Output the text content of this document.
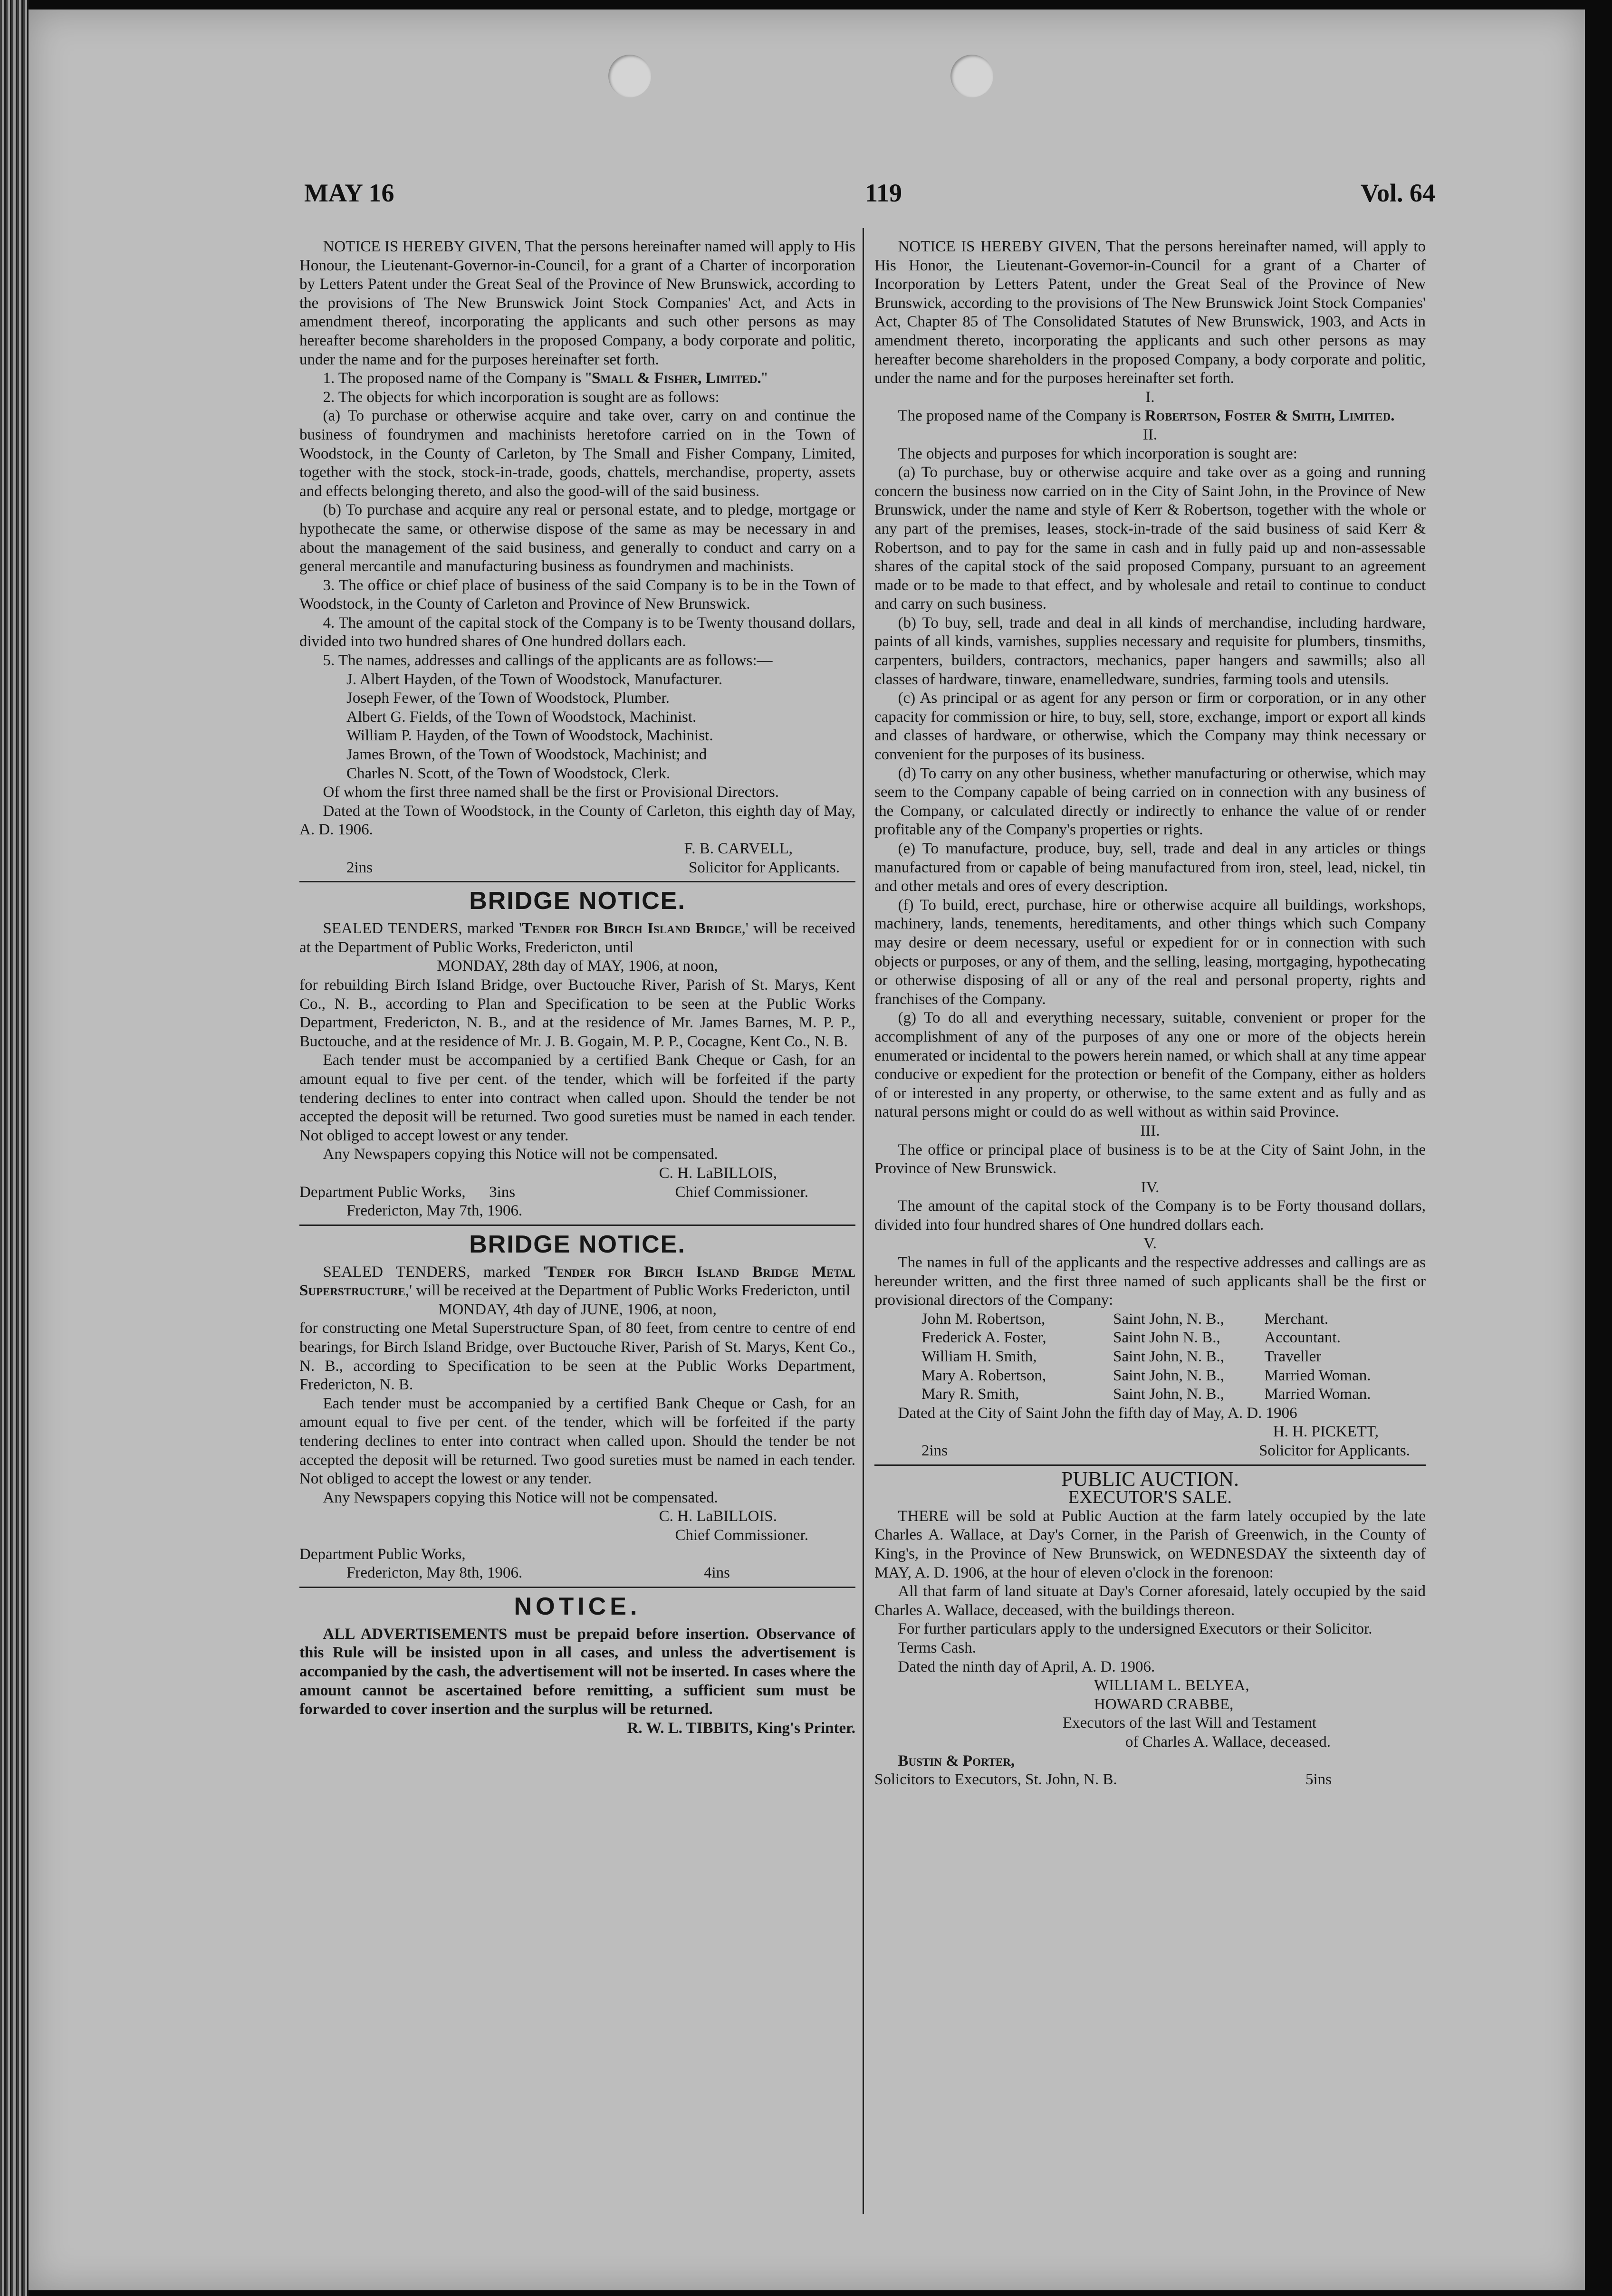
MAY 16	119	Vol. 64

NOTICE IS HEREBY GIVEN, That the persons hereinafter named will apply to His Honour, the Lieutenant-Governor-in-Council, for a grant of a Charter of incorporation by Letters Patent under the Great Seal of the Province of New Brunswick, according to the provisions of The New Brunswick Joint Stock Companies' Act, and Acts in amendment thereof, incorporating the applicants and such other persons as may hereafter become shareholders in the proposed Company, a body corporate and politic, under the name and for the purposes hereinafter set forth.

1. The proposed name of the Company is "Small & Fisher, Limited."

2. The objects for which incorporation is sought are as follows:

(a) To purchase or otherwise acquire and take over, carry on and continue the business of foundrymen and machinists heretofore carried on in the Town of Woodstock, in the County of Carleton, by The Small and Fisher Company, Limited, together with the stock, stock-in-trade, goods, chattels, merchandise, property, assets and effects belonging thereto, and also the good-will of the said business.

(b) To purchase and acquire any real or personal estate, and to pledge, mortgage or hypothecate the same, or otherwise dispose of the same as may be necessary in and about the management of the said business, and generally to conduct and carry on a general mercantile and manufacturing business as foundrymen and machinists.

3. The office or chief place of business of the said Company is to be in the Town of Woodstock, in the County of Carleton and Province of New Brunswick.

4. The amount of the capital stock of the Company is to be Twenty thousand dollars, divided into two hundred shares of One hundred dollars each.

5. The names, addresses and callings of the applicants are as follows:—

J. Albert Hayden, of the Town of Woodstock, Manufacturer.

Joseph Fewer, of the Town of Woodstock, Plumber.

Albert G. Fields, of the Town of Woodstock, Machinist.

William P. Hayden, of the Town of Woodstock, Machinist.

James Brown, of the Town of Woodstock, Machinist; and

Charles N. Scott, of the Town of Woodstock, Clerk.

Of whom the first three named shall be the first or Provisional Directors.

Dated at the Town of Woodstock, in the County of Carleton, this eighth day of May, A. D. 1906.

F. B. CARVELL,

2ins	Solicitor for Applicants.
BRIDGE NOTICE.

SEALED TENDERS, marked 'Tender for Birch Island Bridge,' will be received at the Department of Public Works, Fredericton, until

MONDAY, 28th day of MAY, 1906, at noon,

for rebuilding Birch Island Bridge, over Buctouche River, Parish of St. Marys, Kent Co., N. B., according to Plan and Specification to be seen at the Public Works Department, Fredericton, N. B., and at the residence of Mr. James Barnes, M. P. P., Buctouche, and at the residence of Mr. J. B. Gogain, M. P. P., Cocagne, Kent Co., N. B.

Each tender must be accompanied by a certified Bank Cheque or Cash, for an amount equal to five per cent. of the tender, which will be forfeited if the party tendering declines to enter into contract when called upon. Should the tender be not accepted the deposit will be returned. Two good sureties must be named in each tender. Not obliged to accept lowest or any tender.

Any Newspapers copying this Notice will not be compensated.

C. H. LaBILLOIS,

Department Public Works, 3ins	Chief Commissioner.

Fredericton, May 7th, 1906.

BRIDGE NOTICE.

SEALED TENDERS, marked 'Tender for Birch Island Bridge Metal Superstructure,' will be received at the Department of Public Works Fredericton, until

MONDAY, 4th day of JUNE, 1906, at noon,

for constructing one Metal Superstructure Span, of 80 feet, from centre to centre of end bearings, for Birch Island Bridge, over Buctouche River, Parish of St. Marys, Kent Co., N. B., according to Specification to be seen at the Public Works Department, Fredericton, N. B.

Each tender must be accompanied by a certified Bank Cheque or Cash, for an amount equal to five per cent. of the tender, which will be forfeited if the party tendering declines to enter into contract when called upon. Should the tender be not accepted the deposit will be returned. Two good sureties must be named in each tender. Not obliged to accept the lowest or any tender.

Any Newspapers copying this Notice will not be compensated.

C. H. LaBILLOIS.

Chief Commissioner.

Department Public Works,

Fredericton, May 8th, 1906.	4ins
NOTICE.

ALL ADVERTISEMENTS must be prepaid before insertion. Observance of this Rule will be insisted upon in all cases, and unless the advertisement is accompanied by the cash, the advertisement will not be inserted. In cases where the amount cannot be ascertained before remitting, a sufficient sum must be forwarded to cover insertion and the surplus will be returned.

R. W. L. TIBBITS, King's Printer.

NOTICE IS HEREBY GIVEN, That the persons hereinafter named, will apply to His Honor, the Lieutenant-Governor-in-Council for a grant of a Charter of Incorporation by Letters Patent, under the Great Seal of the Province of New Brunswick, according to the provisions of The New Brunswick Joint Stock Companies' Act, Chapter 85 of The Consolidated Statutes of New Brunswick, 1903, and Acts in amendment thereto, incorporating the applicants and such other persons as may hereafter become shareholders in the proposed Company, a body corporate and politic, under the name and for the purposes hereinafter set forth.

I.

The proposed name of the Company is Robertson, Foster & Smith, Limited.

II.

The objects and purposes for which incorporation is sought are:

(a) To purchase, buy or otherwise acquire and take over as a going and running concern the business now carried on in the City of Saint John, in the Province of New Brunswick, under the name and style of Kerr & Robertson, together with the whole or any part of the premises, leases, stock-in-trade of the said business of said Kerr & Robertson, and to pay for the same in cash and in fully paid up and non-assessable shares of the capital stock of the said proposed Company, pursuant to an agreement made or to be made to that effect, and by wholesale and retail to continue to conduct and carry on such business.

(b) To buy, sell, trade and deal in all kinds of merchandise, including hardware, paints of all kinds, varnishes, supplies necessary and requisite for plumbers, tinsmiths, carpenters, builders, contractors, mechanics, paper hangers and sawmills; also all classes of hardware, tinware, enamelledware, sundries, farming tools and utensils.

(c) As principal or as agent for any person or firm or corporation, or in any other capacity for commission or hire, to buy, sell, store, exchange, import or export all kinds and classes of hardware, or otherwise, which the Company may think necessary or convenient for the purposes of its business.

(d) To carry on any other business, whether manufacturing or otherwise, which may seem to the Company capable of being carried on in connection with any business of the Company, or calculated directly or indirectly to enhance the value of or render profitable any of the Company's properties or rights.

(e) To manufacture, produce, buy, sell, trade and deal in any articles or things manufactured from or capable of being manufactured from iron, steel, lead, nickel, tin and other metals and ores of every description.

(f) To build, erect, purchase, hire or otherwise acquire all buildings, workshops, machinery, lands, tenements, hereditaments, and other things which such Company may desire or deem necessary, useful or expedient for or in connection with such objects or purposes, or any of them, and the selling, leasing, mortgaging, hypothecating or otherwise disposing of all or any of the real and personal property, rights and franchises of the Company.

(g) To do all and everything necessary, suitable, convenient or proper for the accomplishment of any of the purposes of any one or more of the objects herein enumerated or incidental to the powers herein named, or which shall at any time appear conducive or expedient for the protection or benefit of the Company, either as holders of or interested in any property, or otherwise, to the same extent and as fully and as natural persons might or could do as well without as within said Province.

III.

The office or principal place of business is to be at the City of Saint John, in the Province of New Brunswick.

IV.

The amount of the capital stock of the Company is to be Forty thousand dollars, divided into four hundred shares of One hundred dollars each.

V.

The names in full of the applicants and the respective addresses and callings are as hereunder written, and the first three named of such applicants shall be the first or provisional directors of the Company:

John M. Robertson,	Saint John, N. B.,	Merchant.
Frederick A. Foster,	Saint John N. B.,	Accountant.
William H. Smith,	Saint John, N. B.,	Traveller
Mary A. Robertson,	Saint John, N. B.,	Married Woman.
Mary R. Smith,	Saint John, N. B.,	Married Woman.

Dated at the City of Saint John the fifth day of May, A. D. 1906

H. H. PICKETT,

2ins	Solicitor for Applicants.

PUBLIC AUCTION.

EXECUTOR'S SALE.

THERE will be sold at Public Auction at the farm lately occupied by the late Charles A. Wallace, at Day's Corner, in the Parish of Greenwich, in the County of King's, in the Province of New Brunswick, on WEDNESDAY the sixteenth day of MAY, A. D. 1906, at the hour of eleven o'clock in the forenoon:

All that farm of land situate at Day's Corner aforesaid, lately occupied by the said Charles A. Wallace, deceased, with the buildings thereon.

For further particulars apply to the undersigned Executors or their Solicitor.

Terms Cash.

Dated the ninth day of April, A. D. 1906.

WILLIAM L. BELYEA,

HOWARD CRABBE,

Executors of the last Will and Testament

of Charles A. Wallace, deceased.

Bustin & Porter,

Solicitors to Executors, St. John, N. B.	5ins
